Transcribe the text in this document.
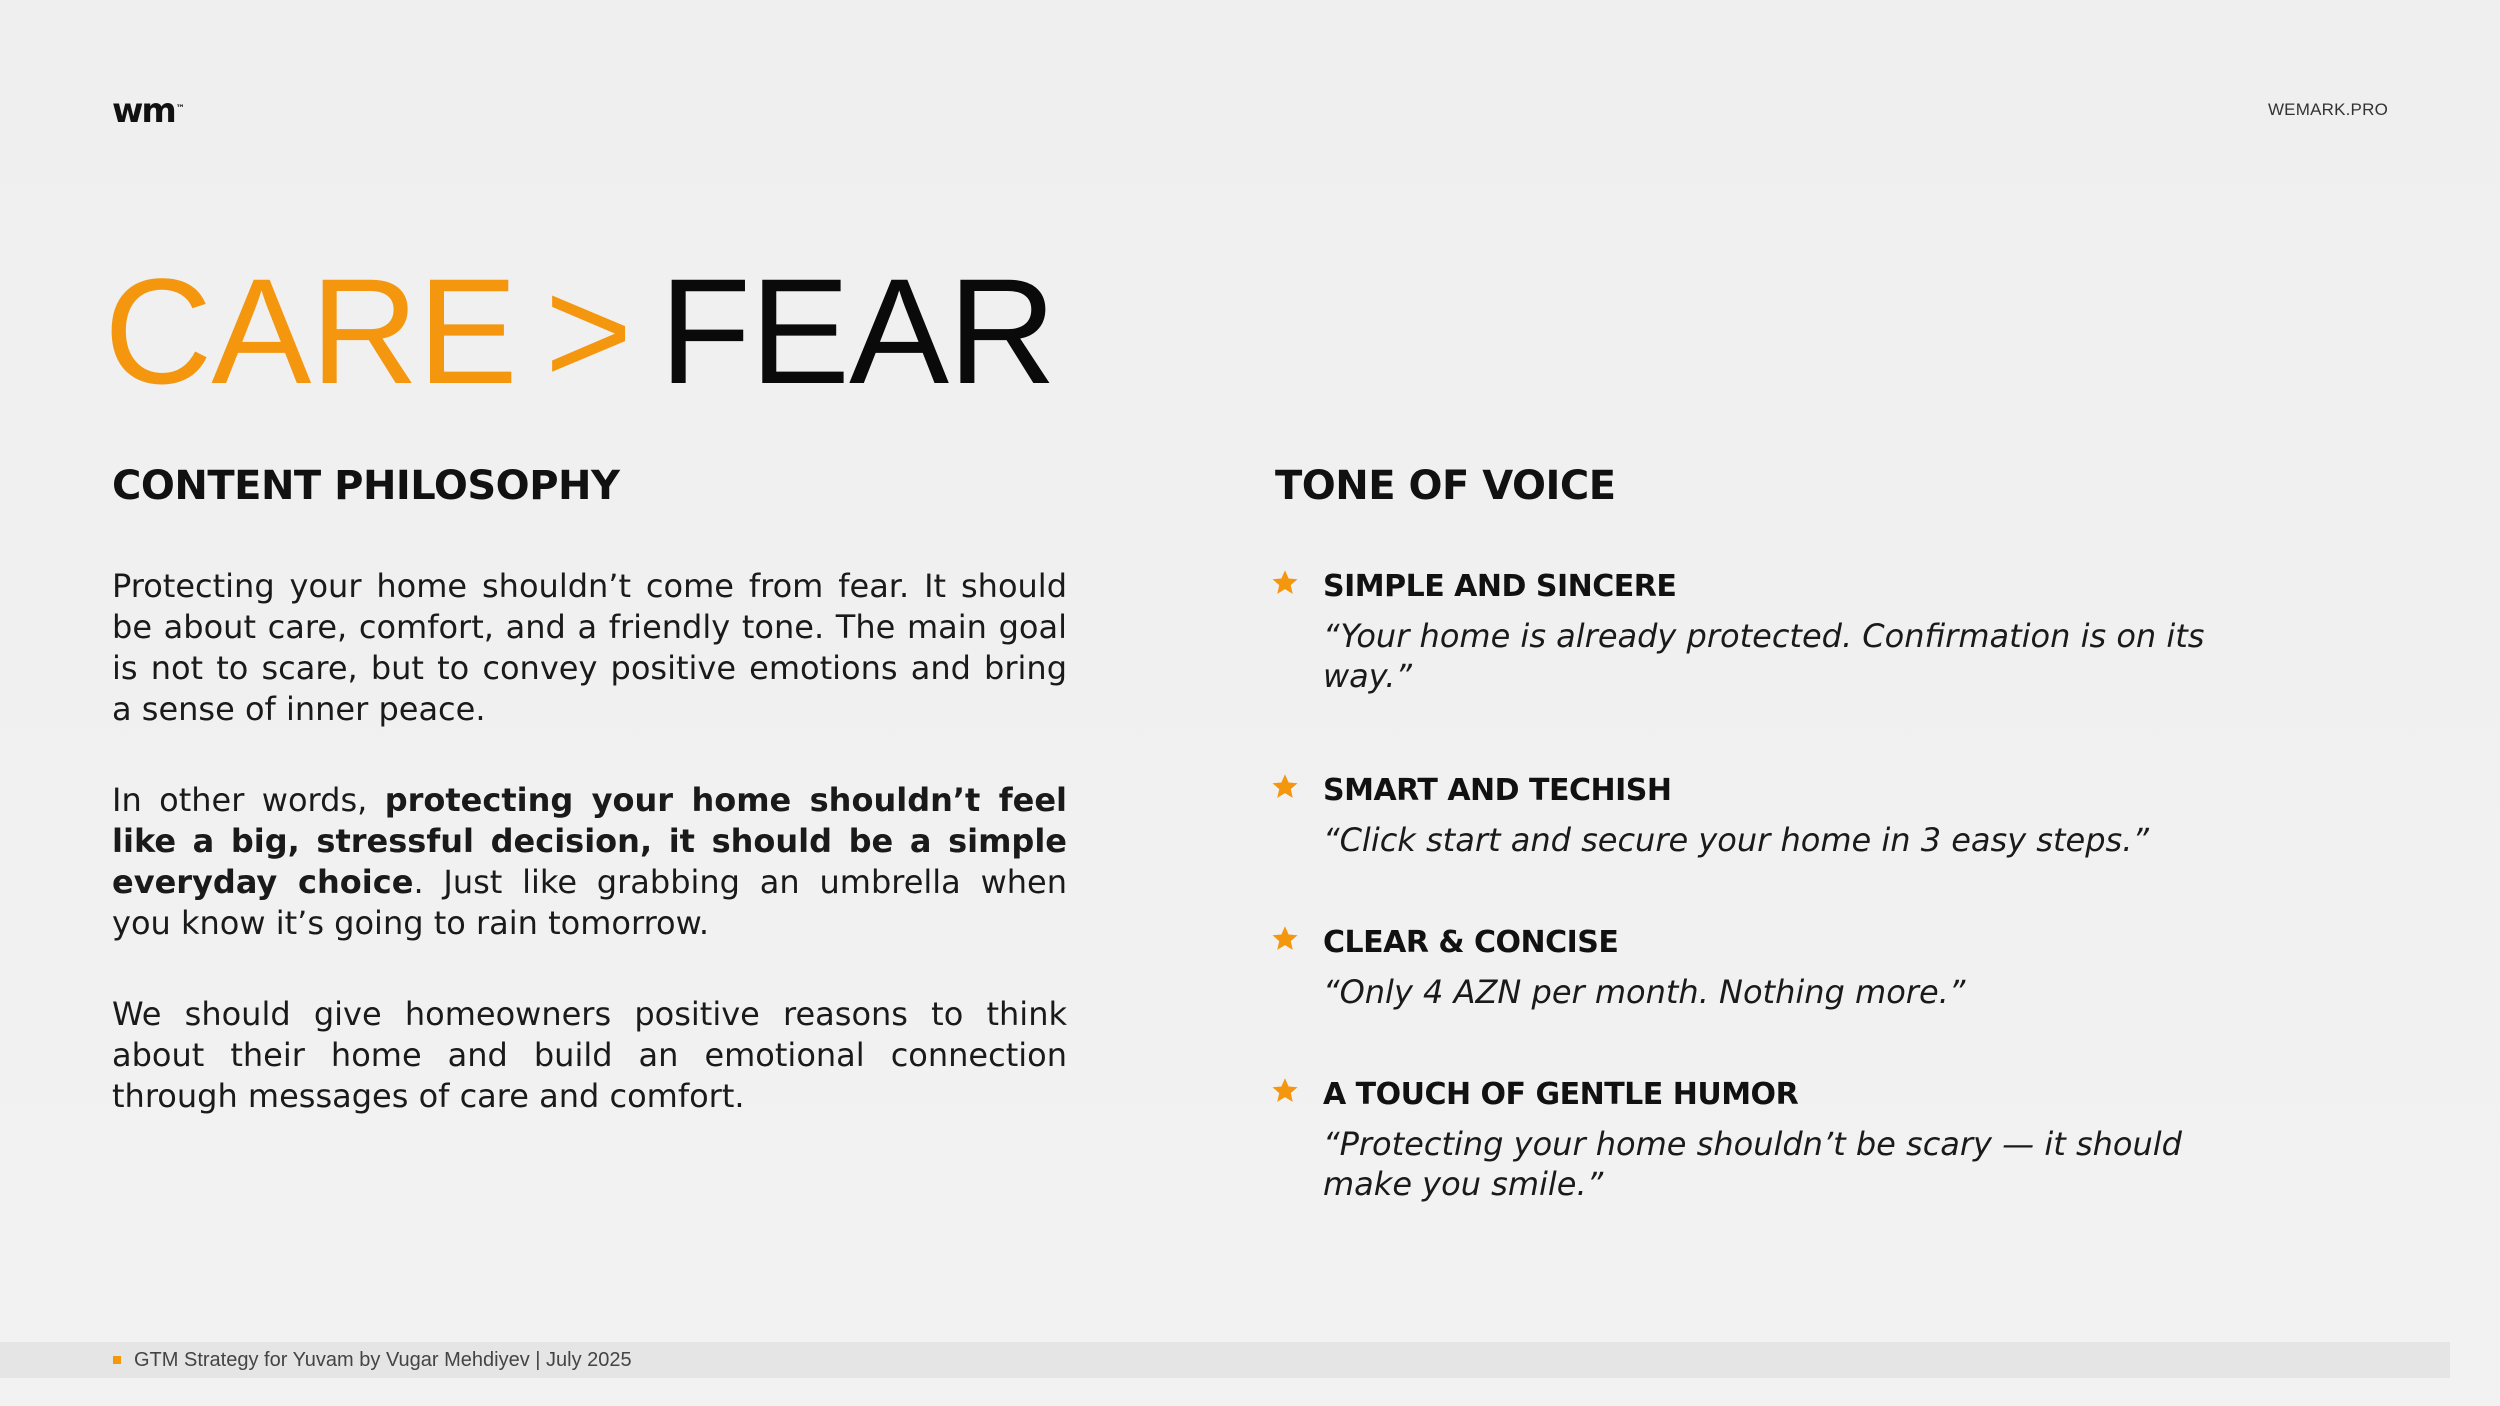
wm™	WEMARK.PRO
CARE > FEAR
CONTENT PHILOSOPHY

Protecting your home shouldn’t come from fear. It should be about care, comfort, and a friendly tone. The main goal is not to scare, but to convey positive emotions and bring a sense of inner peace.

In other words, protecting your home shouldn’t feel like a big, stressful decision, it should be a simple everyday choice. Just like grabbing an umbrella when you know it’s going to rain tomorrow.

We should give homeowners positive reasons to think about their home and build an emotional connection through messages of care and comfort.

TONE OF VOICE
SIMPLE AND SINCERE
“Your home is already protected. Confirmation is on its way.”
SMART AND TECHISH
“Click start and secure your home in 3 easy steps.”
CLEAR & CONCISE
“Only 4 AZN per month. Nothing more.”
A TOUCH OF GENTLE HUMOR
“Protecting your home shouldn’t be scary — it should make you smile.”
GTM Strategy for Yuvam by Vugar Mehdiyev | July 2025
